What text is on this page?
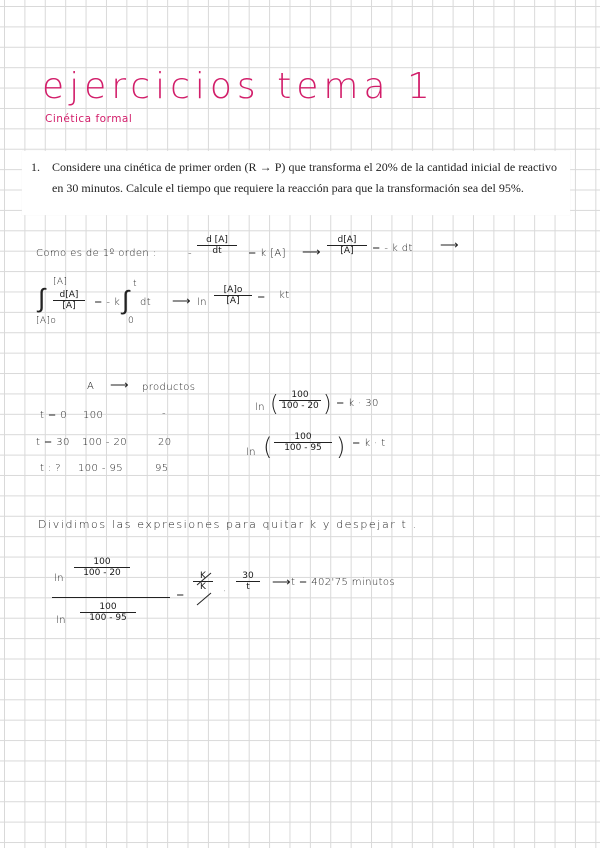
ejercicios tema 1
Cinética formal
1. Considere una cinética de primer orden (R → P) que transforma el 20% de la cantidad inicial de reactivo en 30 minutos. Calcule el tiempo que requiere la reacción para que la transformación sea del 95%.
Como es de 1º orden :	- $\frac{d [A]}{dt} = k$ [A] ⟶ $\frac{d[A]}{[A]}$ = - k dt ⟶
[A]
∫
[A]o
$\frac{d[A]}{[A]}$ = - k ·
t
∫
0
dt ⟶ $\ln \frac{[A]o}{[A]}$ = kt
A ⟶ productos
t = 0 100	-
t = 30 100 - 20	20
t : ? 100 - 95	95
ln ( $\frac{100}{100 - 20}$ ) = k · 30
ln ( $\frac{100}{100 - 95}$ ) = k · t
Dividimos las expresiones para quitar k y despejar t .
ln
$\frac{100}{100 - 20}$
$\ln \frac{100}{100 - 95}$
=
$\frac{K}{K} \cdot \frac{30}{t}$ ⟶ t = 402'75 minutos
